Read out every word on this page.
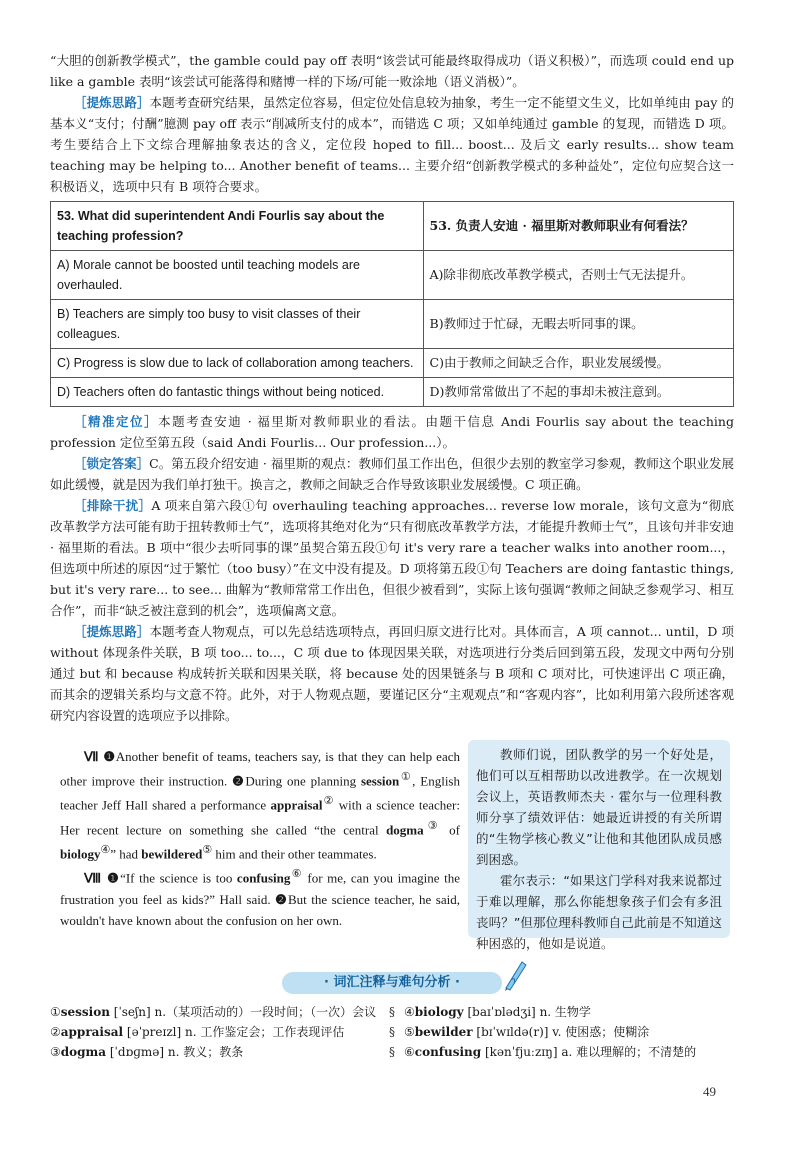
“大胆的创新教学模式”，the gamble could pay off 表明“该尝试可能最终取得成功（语义积极）”，而选项 could end up like a gamble 表明“该尝试可能落得和赌博一样的下场/可能一败涂地（语义消极）”。

［提炼思路］本题考查研究结果，虽然定位容易，但定位处信息较为抽象，考生一定不能望文生义，比如单纯由 pay 的基本义“支付；付酬”臆测 pay off 表示“削减所支付的成本”，而错选 C 项；又如单纯通过 gamble 的复现，而错选 D 项。考生要结合上下文综合理解抽象表达的含义，定位段 hoped to fill... boost... 及后文 early results... show team teaching may be helping to... Another benefit of teams... 主要介绍“创新教学模式的多种益处”，定位句应契合这一积极语义，选项中只有 B 项符合要求。

53. What did superintendent Andi Fourlis say about the teaching profession?	53. 负责人安迪 · 福里斯对教师职业有何看法？
A) Morale cannot be boosted until teaching models are overhauled.	A)除非彻底改革教学模式，否则士气无法提升。
B) Teachers are simply too busy to visit classes of their colleagues.	B)教师过于忙碌，无暇去听同事的课。
C) Progress is slow due to lack of collaboration among teachers.	C)由于教师之间缺乏合作，职业发展缓慢。
D) Teachers often do fantastic things without being noticed.	D)教师常常做出了不起的事却未被注意到。

［精准定位］本题考查安迪 · 福里斯对教师职业的看法。由题干信息 Andi Fourlis say about the teaching profession 定位至第五段（said Andi Fourlis... Our profession...）。

［锁定答案］C。第五段介绍安迪 · 福里斯的观点：教师们虽工作出色，但很少去别的教室学习参观，教师这个职业发展如此缓慢，就是因为我们单打独干。换言之，教师之间缺乏合作导致该职业发展缓慢。C 项正确。

［排除干扰］A 项来自第六段①句 overhauling teaching approaches... reverse low morale，该句文意为“彻底改革教学方法可能有助于扭转教师士气”，选项将其绝对化为“只有彻底改革教学方法，才能提升教师士气”，且该句并非安迪 · 福里斯的看法。B 项中“很少去听同事的课”虽契合第五段①句 it's very rare a teacher walks into another room...，但选项中所述的原因“过于繁忙（too busy）”在文中没有提及。D 项将第五段①句 Teachers are doing fantastic things, but it's very rare... to see... 曲解为“教师常常工作出色，但很少被看到”，实际上该句强调“教师之间缺乏参观学习、相互合作”，而非“缺乏被注意到的机会”，选项偏离文意。

［提炼思路］本题考查人物观点，可以先总结选项特点，再回归原文进行比对。具体而言，A 项 cannot... until，D 项 without 体现条件关联，B 项 too... to...，C 项 due to 体现因果关联，对选项进行分类后回到第五段，发现文中两句分别通过 but 和 because 构成转折关联和因果关联，将 because 处的因果链条与 B 项和 C 项对比，可快速评出 C 项正确，而其余的逻辑关系均与文意不符。此外，对于人物观点题，要谨记区分“主观观点”和“客观内容”，比如利用第六段所述客观研究内容设置的选项应予以排除。

Ⅶ ❶Another benefit of teams, teachers say, is that they can help each other improve their instruction. ❷During one planning session①, English teacher Jeff Hall shared a performance appraisal② with a science teacher: Her recent lecture on something she called “the central dogma③ of biology④” had bewildered⑤ him and their other teammates.

Ⅷ ❶“If the science is too confusing⑥ for me, can you imagine the frustration you feel as kids?” Hall said. ❷But the science teacher, he said, wouldn't have known about the confusion on her own.

教师们说，团队教学的另一个好处是，他们可以互相帮助以改进教学。在一次规划会议上，英语教师杰夫 · 霍尔与一位理科教师分享了绩效评估：她最近讲授的有关所谓的“生物学核心教义”让他和其他团队成员感到困惑。

霍尔表示：“如果这门学科对我来说都过于难以理解，那么你能想象孩子们会有多沮丧吗？”但那位理科教师自己此前是不知道这种困惑的，他如是说道。

· 词汇注释与难句分析 ·
①session [ˈseʃn] n.（某项活动的）一段时间；（一次）会议
②appraisal [əˈpreɪzl] n. 工作鉴定会；工作表现评估
③dogma [ˈdɒɡmə] n. 教义；教条
§
§
§
④biology [baɪˈɒlədʒi] n. 生物学
⑤bewilder [bɪˈwɪldə(r)] v. 使困惑；使糊涂
⑥confusing [kənˈfjuːzɪŋ] a. 难以理解的；不清楚的
49
